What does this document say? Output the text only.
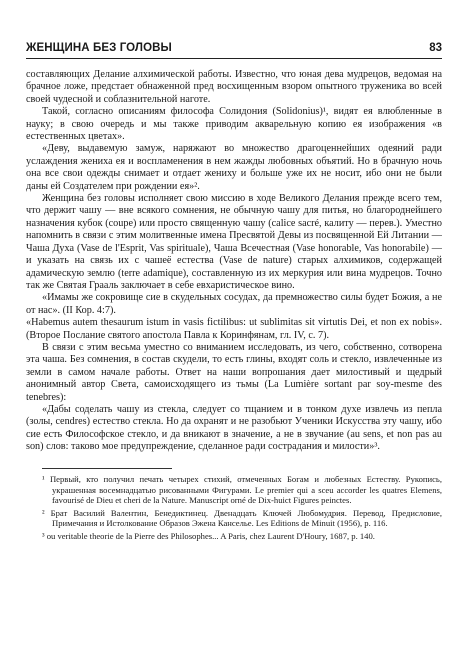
ЖЕНЩИНА БЕЗ ГОЛОВЫ	83

составляющих Делание алхимической работы. Известно, что юная дева мудрецов, ведомая на брачное ложе, предстает обнаженной пред восхищенным взором опытного труженика во всей своей чудесной и соблазнительной наготе.

Такой, согласно описаниям философа Солидония (Solidonius)¹, видят ея влюбленные в науку; в свою очередь и мы также приводим акварельную копию ея изображения «в естественных цветах».

«Деву, выдавемую замуж, наряжают во множество драгоценнейших одеяний ради услаждения жениха ея и воспламенения в нем жажды любовных объятий. Но в брачную ночь она все свои одежды снимает и отдает жениху и больше уже их не носит, ибо они не были даны ей Создателем при рождении ея»².

Женщина без головы исполняет свою миссию в ходе Великого Делания прежде всего тем, что держит чашу — вне всякого сомнения, не обычную чашу для питья, но благороднейшего назначения кубок (coupe) или просто священную чашу (calice sacré, калиту — перев.). Уместно напомнить в связи с этим молитвенные имена Пресвятой Девы из посвященной Ей Литании — Чаша Духа (Vase de l'Esprit, Vas spirituale), Чаша Всечестная (Vase honorable, Vas honorabile) — и указать на связь их с чашеё естества (Vase de nature) старых алхимиков, содержащей адамическую землю (terre adamique), составленную из их меркурия или вина мудрецов. Точно так же Святая Грааль заключает в себе евхаристическое вино.

«Имамы же сокровище сие в скудельных сосудах, да премножество силы будет Божия, а не от нас». (II Кор. 4:7).

«Habemus autem thesaurum istum in vasis fictilibus: ut sublimitas sit virtutis Dei, et non ex nobis». (Второе Послание святого апостола Павла к Коринфянам, гл. IV, с. 7).

В связи с этим весьма уместно со вниманием исследовать, из чего, собственно, сотворена эта чаша. Без сомнения, в состав скудели, то есть глины, входят соль и стекло, извлеченные из земли в самом начале работы. Ответ на наши вопрошания дает милостивый и щедрый анонимный автор Света, самоисходящего из тьмы (La Lumière sortant par soy-mesme des tenebres):

«Дабы соделать чашу из стекла, следует со тщанием и в тонком духе извлечь из пепла (золы, cendres) естество стекла. Но да охранят и не разобьют Ученики Искусства эту чашу, ибо сие есть Философское стекло, и да вникают в значение, а не в звучание (au sens, et non pas au son) слов: таково мое предупреждение, сделанное ради сострадания и милости»³.

¹ Первый, кто получил печать четырех стихий, отмеченных Богам и любезных Естеству. Рукопись, украшенная восемнадцатью рисованными Фигурами. Le premier qui a sceu accorder les quatres Elemens, favourisé de Dieu et cheri de la Nature. Manuscript orné de Dix-huict Figures peinctes.

² Брат Василий Валентин, Бенедиктинец. Двенадцать Ключей Любомудрия. Перевод, Предисловие, Примечания и Истолкование Образов Эжена Канселье. Les Editions de Minuit (1956), p. 116.

³ ou veritable theorie de la Pierre des Philosophes... A Paris, chez Laurent D'Houry, 1687, p. 140.
